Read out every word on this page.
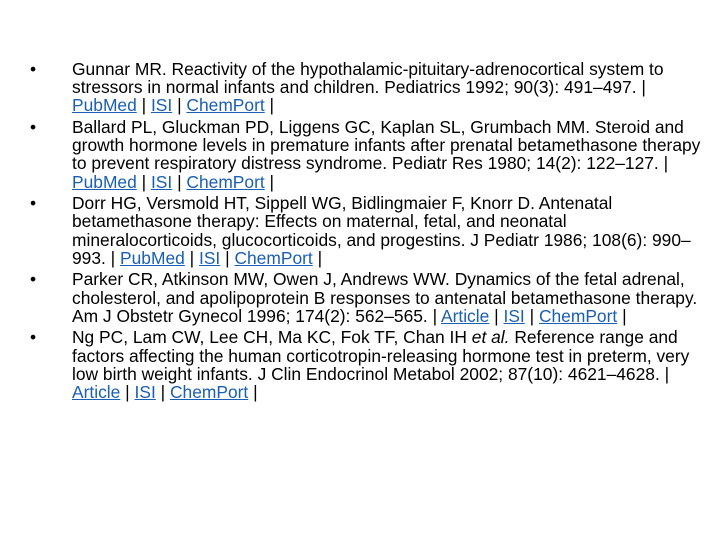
•	Gunnar MR. Reactivity of the hypothalamic-pituitary-adrenocortical system to stressors in normal infants and children. Pediatrics 1992; 90(3): 491–497. | PubMed | ISI | ChemPort |
•	Ballard PL, Gluckman PD, Liggens GC, Kaplan SL, Grumbach MM. Steroid and growth hormone levels in premature infants after prenatal betamethasone therapy to prevent respiratory distress syndrome. Pediatr Res 1980; 14(2): 122–127. | PubMed | ISI | ChemPort |
•	Dorr HG, Versmold HT, Sippell WG, Bidlingmaier F, Knorr D. Antenatal betamethasone therapy: Effects on maternal, fetal, and neonatal mineralocorticoids, glucocorticoids, and progestins. J Pediatr 1986; 108(6): 990–993. | PubMed | ISI | ChemPort |
•	Parker CR, Atkinson MW, Owen J, Andrews WW. Dynamics of the fetal adrenal, cholesterol, and apolipoprotein B responses to antenatal betamethasone therapy. Am J Obstetr Gynecol 1996; 174(2): 562–565. | Article | ISI | ChemPort |
•	Ng PC, Lam CW, Lee CH, Ma KC, Fok TF, Chan IH et al. Reference range and factors affecting the human corticotropin-releasing hormone test in preterm, very low birth weight infants. J Clin Endocrinol Metabol 2002; 87(10): 4621–4628. | Article | ISI | ChemPort |
